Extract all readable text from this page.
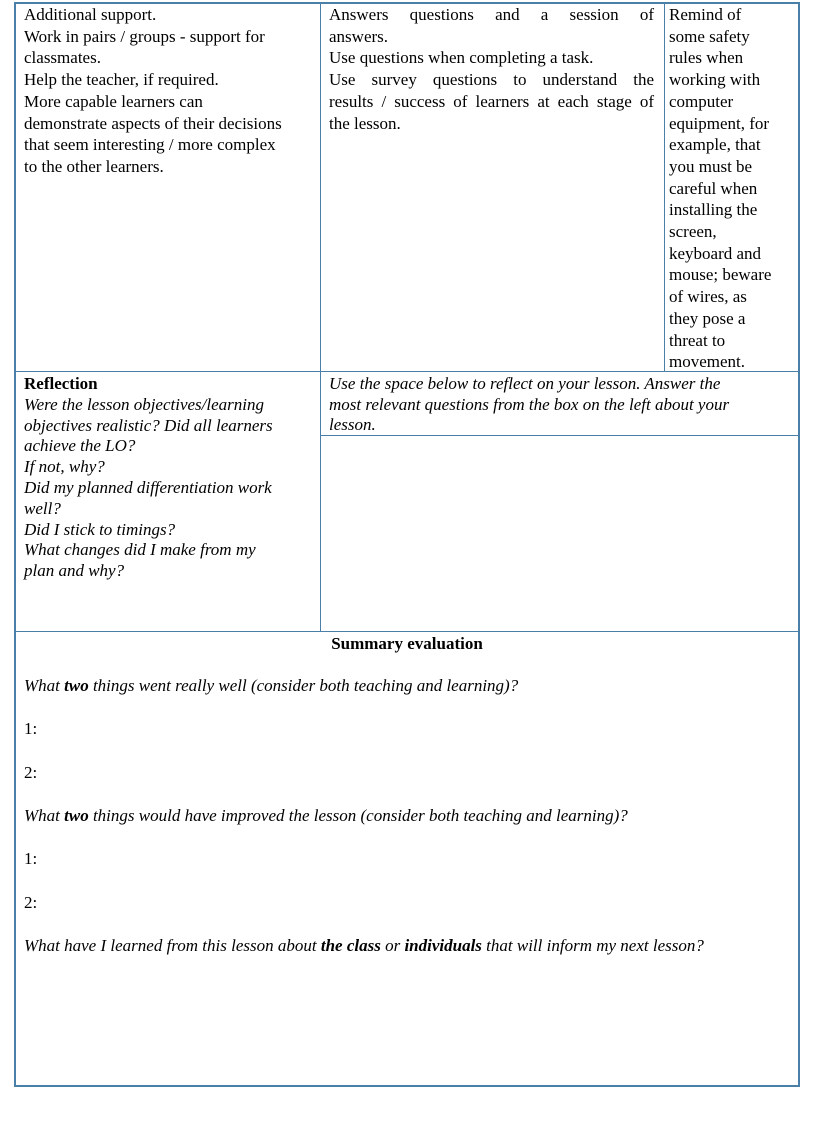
Additional support.
Work in pairs / groups - support for
classmates.
Help the teacher, if required.
More capable learners can
demonstrate aspects of their decisions
that seem interesting / more complex
to the other learners.
Answers questions and a session of
answers.
Use questions when completing a task.
Use survey questions to understand the
results / success of learners at each stage of
the lesson.
Remind of
some safety
rules when
working with
computer
equipment, for
example, that
you must be
careful when
installing the
screen,
keyboard and
mouse; beware
of wires, as
they pose a
threat to
movement.
Reflection
Were the lesson objectives/learning
objectives realistic? Did all learners
achieve the LO?
If not, why?
Did my planned differentiation work
well?
Did I stick to timings?
What changes did I make from my
plan and why?
Use the space below to reflect on your lesson. Answer the
most relevant questions from the box on the left about your
lesson.
Summary evaluation
What two things went really well (consider both teaching and learning)?
1:
2:
What two things would have improved the lesson (consider both teaching and learning)?
1:
2:
What have I learned from this lesson about the class or individuals that will inform my next lesson?
